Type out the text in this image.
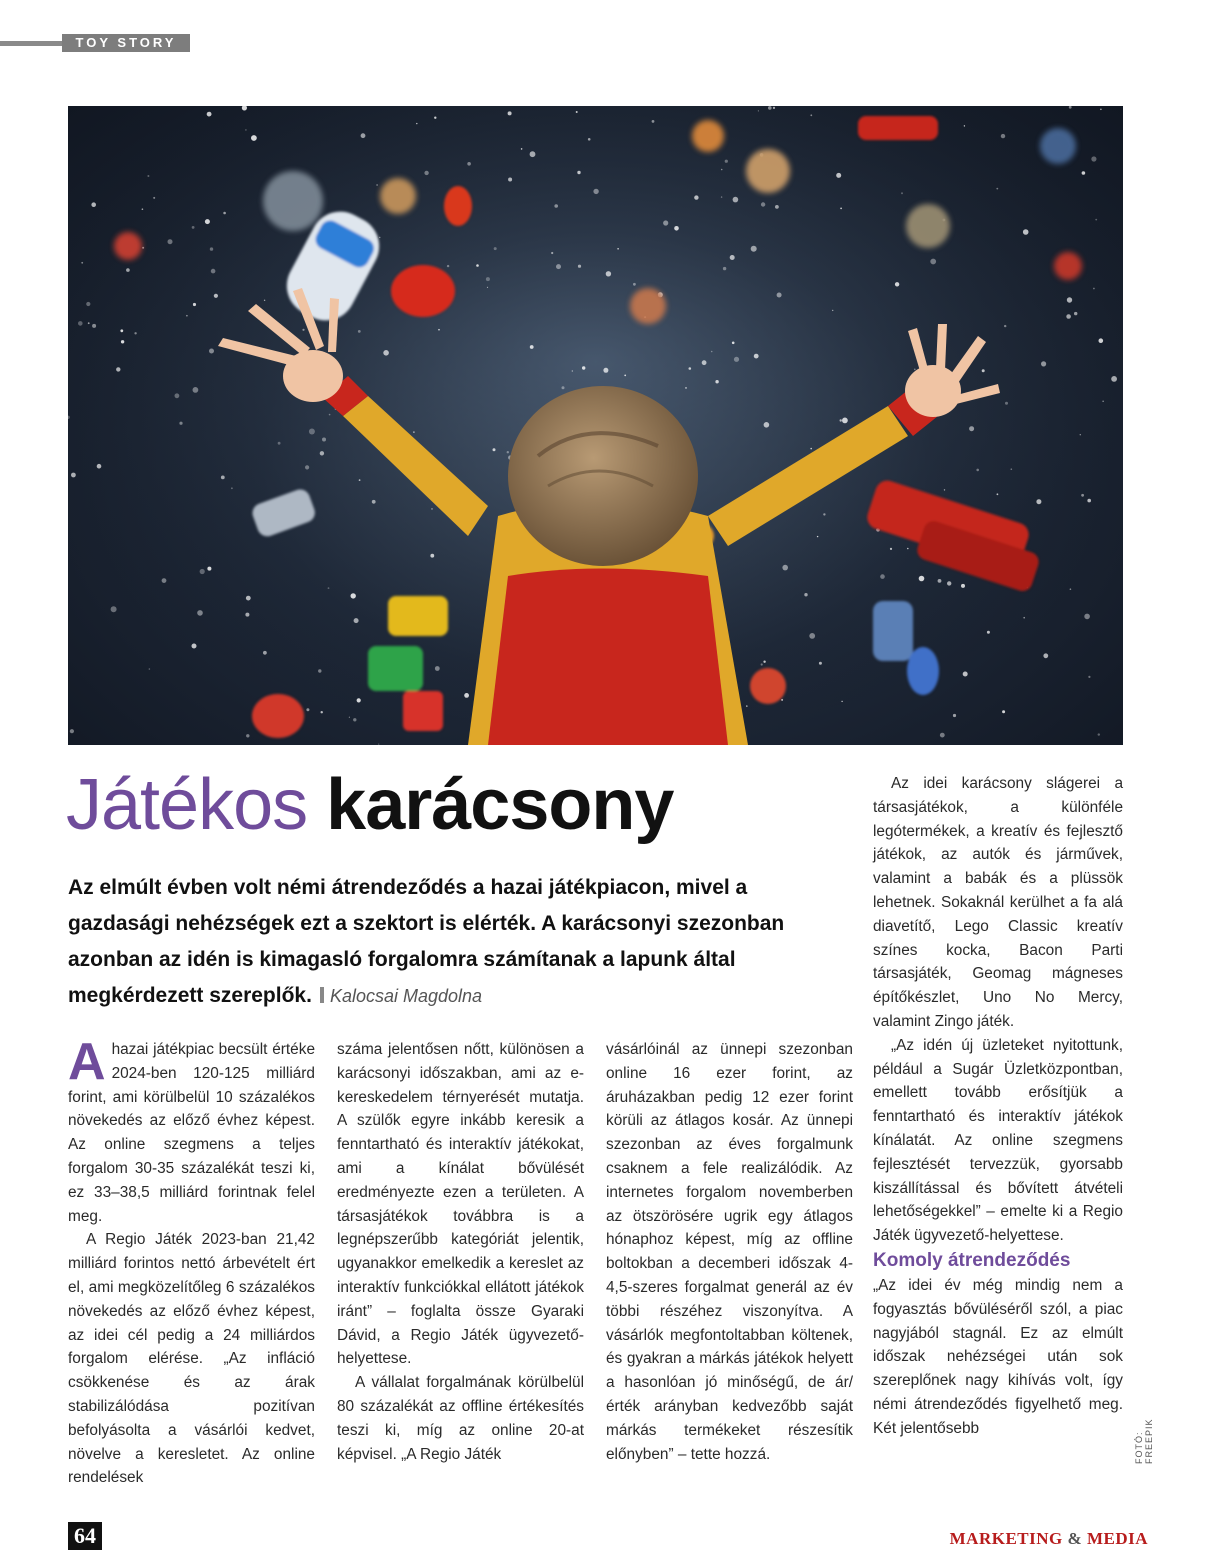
TOY STORY
Játékos karácsony

Az elmúlt évben volt némi átrendeződés a hazai játékpiacon, mivel a gazdasági nehézségek ezt a szektort is elérték. A karácsonyi szezonban azonban az idén is kimagasló forgalomra számítanak a lapunk által megkérdezett szereplők. Kalocsai Magdolna

Ahazai játékpiac becsült értéke 2024-ben 120-125 milliárd forint, ami körülbelül 10 százalékos növekedés az előző évhez képest. Az online szegmens a teljes forgalom 30-35 százalékát teszi ki, ez 33–38,5 milliárd forintnak felel meg.

A Regio Játék 2023-ban 21,42 milliárd forintos nettó árbevételt ért el, ami megközelítőleg 6 százalékos növekedés az előző évhez képest, az idei cél pedig a 24 milliárdos forgalom elérése. „Az infláció csökkenése és az árak stabilizálódása pozitívan befolyásolta a vásárlói kedvet, növelve a keresletet. Az online rendelések

száma jelentősen nőtt, különösen a karácsonyi időszakban, ami az e-kereskedelem térnyerését mutatja. A szülők egyre inkább keresik a fenntartható és interaktív játékokat, ami a kínálat bővülését eredményezte ezen a területen. A társasjátékok továbbra is a legnépszerűbb kategóriát jelentik, ugyanakkor emelkedik a kereslet az interaktív funkciókkal ellátott játékok iránt” – foglalta össze Gyaraki Dávid, a Regio Játék ügyvezető-helyettese.

A vállalat forgalmának körülbelül 80 százalékát az offline értékesítés teszi ki, míg az online 20-at képvisel. „A Regio Játék

vásárlóinál az ünnepi szezonban online 16 ezer forint, az áruházakban pedig 12 ezer forint körüli az átlagos kosár. Az ünnepi szezonban az éves forgalmunk csaknem a fele realizálódik. Az internetes forgalom novemberben az ötszörösére ugrik egy átlagos hónaphoz képest, míg az offline boltokban a decemberi időszak 4-4,5-szeres forgalmat generál az év többi részéhez viszonyítva. A vásárlók megfontoltabban költenek, és gyakran a márkás játékok helyett a hasonlóan jó minőségű, de ár/érték arányban kedvezőbb saját márkás termékeket részesítik előnyben” – tette hozzá.

Az idei karácsony slágerei a társasjátékok, a különféle legótermékek, a kreatív és fejlesztő játékok, az autók és járművek, valamint a babák és a plüssök lehetnek. Sokaknál kerülhet a fa alá diavetítő, Lego Classic kreatív színes kocka, Bacon Parti társasjáték, Geomag mágneses építőkészlet, Uno No Mercy, valamint Zingo játék.

„Az idén új üzleteket nyitottunk, például a Sugár Üzletközpontban, emellett tovább erősítjük a fenntartható és interaktív játékok kínálatát. Az online szegmens fejlesztését tervezzük, gyorsabb kiszállítással és bővített átvételi lehetőségekkel” – emelte ki a Regio Játék ügyvezető-helyettese.

Komoly átrendeződés

„Az idei év még mindig nem a fogyasztás bővüléséről szól, a piac nagyjából stagnál. Ez az elmúlt időszak nehézségei után sok szereplőnek nagy kihívás volt, így némi átrendeződés figyelhető meg. Két jelentősebb

FOTÓ: FREEPIK
64	MARKETING & MEDIA
